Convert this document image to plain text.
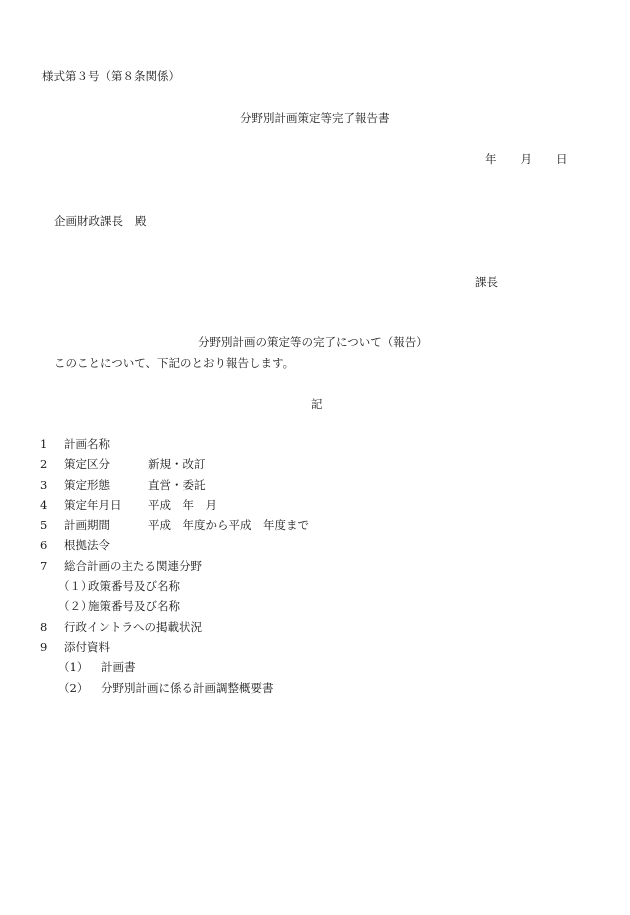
様式第３号（第８条関係）
分野別計画策定等完了報告書
年 月 日
企画財政課長 殿
課長
分野別計画の策定等の完了について（報告）
このことについて、下記のとおり報告します。
記
1 計画名称
2 策定区分	新規・改訂
3 策定形態	直営・委託
4 策定年月日 平成　年　月
5 計画期間	平成　年度から平成　年度まで
6 根拠法令
7 総合計画の主たる関連分野
（１）
政策番号及び名称
（２）
施策番号及び名称
8 行政イントラへの掲載状況
9 添付資料
（1） 計画書
（2） 分野別計画に係る計画調整概要書
